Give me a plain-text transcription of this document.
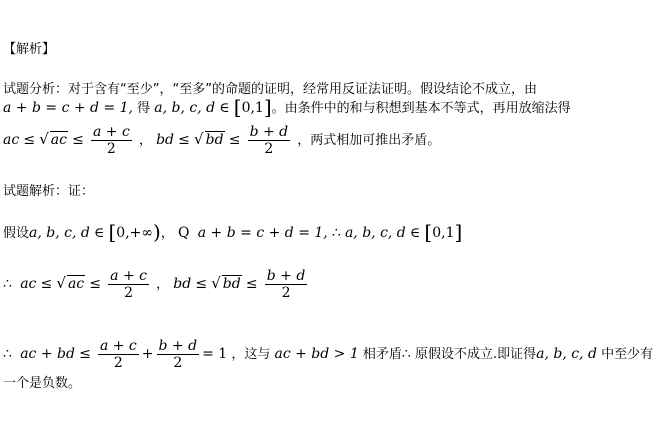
【解析】
试题分析：对于含有“至少”，“至多”的命题的证明，经常用反证法证明。假设结论不成立，由
a + b = c + d = 1, 得 a, b, c, d ∈ [0,1]。由条件中的和与积想到基本不等式，再用放缩法得
ac ≤ √ ac ≤ $\frac{a + c}{2}$ ， bd ≤ √ bd ≤ $\frac{b + d}{2}$ ，两式相加可推出矛盾。
试题解析：证：
假设a, b, c, d ∈ [0,+∞)， Q a + b = c + d = 1, ∴ a, b, c, d ∈ [0,1]
∴ ac ≤ √ ac ≤ $\frac{a + c}{2}$ ， bd ≤ √ bd ≤ $\frac{b + d}{2}$
∴ ac + bd ≤ $\frac{a + c}{2} + \frac{b + d}{2} = 1$ ，这与 ac + bd > 1 相矛盾∴ 原假设不成立.即证得a, b, c, d 中至少有
一个是负数。
